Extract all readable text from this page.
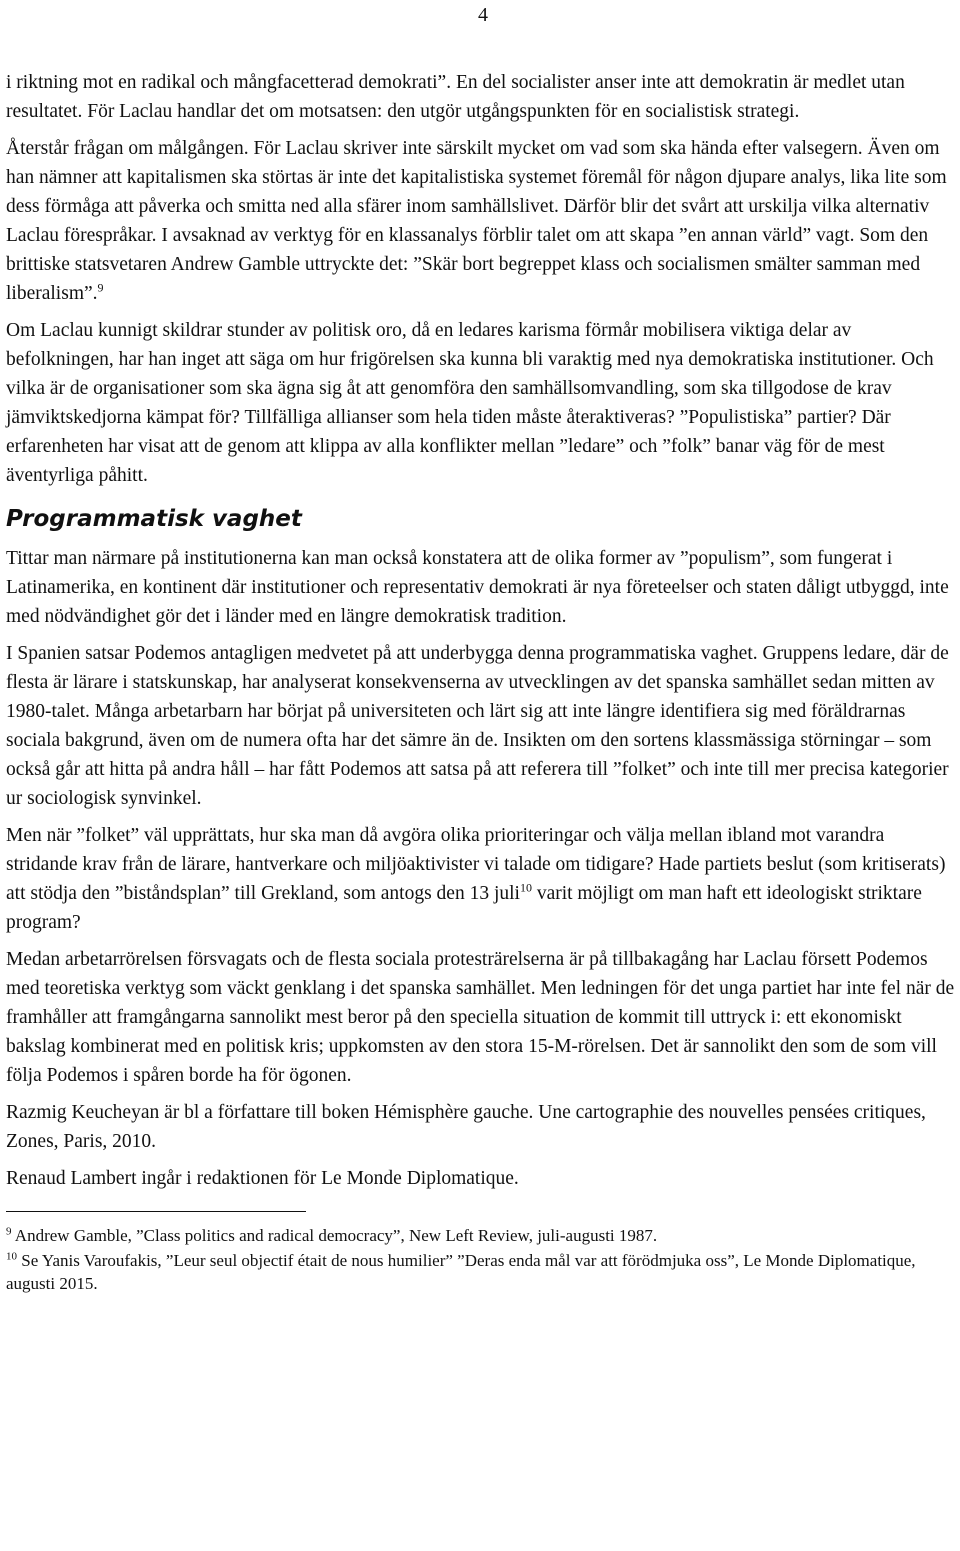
4

i riktning mot en radikal och mångfacetterad demokrati”. En del socialister anser inte att demokratin är medlet utan resultatet. För Laclau handlar det om motsatsen: den utgör utgångspunkten för en socialistisk strategi.

Återstår frågan om målgången. För Laclau skriver inte särskilt mycket om vad som ska hända efter valsegern. Även om han nämner att kapitalismen ska störtas är inte det kapitalistiska systemet föremål för någon djupare analys, lika lite som dess förmåga att påverka och smitta ned alla sfärer inom samhällslivet. Därför blir det svårt att urskilja vilka alternativ Laclau förespråkar. I avsaknad av verktyg för en klassanalys förblir talet om att skapa ”en annan värld” vagt. Som den brittiske statsvetaren Andrew Gamble uttryckte det: ”Skär bort begreppet klass och socialismen smälter samman med liberalism”.$^9$

Om Laclau kunnigt skildrar stunder av politisk oro, då en ledares karisma förmår mobilisera viktiga delar av befolkningen, har han inget att säga om hur frigörelsen ska kunna bli varaktig med nya demokratiska institutioner. Och vilka är de organisationer som ska ägna sig åt att genomföra den samhällsomvandling, som ska tillgodose de krav jämviktskedjorna kämpat för? Tillfälliga allianser som hela tiden måste återaktiveras? ”Populistiska” partier? Där erfarenheten har visat att de genom att klippa av alla konflikter mellan ”ledare” och ”folk” banar väg för de mest äventyrliga påhitt.

Programmatisk vaghet

Tittar man närmare på institutionerna kan man också konstatera att de olika former av ”populism”, som fungerat i Latinamerika, en kontinent där institutioner och representativ demokrati är nya företeelser och staten dåligt utbyggd, inte med nödvändighet gör det i länder med en längre demokratisk tradition.

I Spanien satsar Podemos antagligen medvetet på att underbygga denna programmatiska vaghet. Gruppens ledare, där de flesta är lärare i statskunskap, har analyserat konsekvenserna av utvecklingen av det spanska samhället sedan mitten av 1980-talet. Många arbetarbarn har börjat på universiteten och lärt sig att inte längre identifiera sig med föräldrarnas sociala bakgrund, även om de numera ofta har det sämre än de. Insikten om den sortens klassmässiga störningar – som också går att hitta på andra håll – har fått Podemos att satsa på att referera till ”folket” och inte till mer precisa kategorier ur sociologisk synvinkel.

Men när ”folket” väl upprättats, hur ska man då avgöra olika prioriteringar och välja mellan ibland mot varandra stridande krav från de lärare, hantverkare och miljöaktivister vi talade om tidigare? Hade partiets beslut (som kritiserats) att stödja den ”biståndsplan” till Grekland, som antogs den 13 juli$^{10}$ varit möjligt om man haft ett ideologiskt striktare program?

Medan arbetarrörelsen försvagats och de flesta sociala protesträrelserna är på tillbakagång har Laclau försett Podemos med teoretiska verktyg som väckt genklang i det spanska samhället. Men ledningen för det unga partiet har inte fel när de framhåller att framgångarna sannolikt mest beror på den speciella situation de kommit till uttryck i: ett ekonomiskt bakslag kombinerat med en politisk kris; uppkomsten av den stora 15-M-rörelsen. Det är sannolikt den som de som vill följa Podemos i spåren borde ha för ögonen.

Razmig Keucheyan är bl a författare till boken Hémisphère gauche. Une cartographie des nouvelles pensées critiques, Zones, Paris, 2010.

Renaud Lambert ingår i redaktionen för Le Monde Diplomatique.

$^9$ Andrew Gamble, ”Class politics and radical democracy”, New Left Review, juli-augusti 1987.

$^{10}$ Se Yanis Varoufakis, ”Leur seul objectif était de nous humilier” ”Deras enda mål var att förödmjuka oss”, Le Monde Diplomatique, augusti 2015.
